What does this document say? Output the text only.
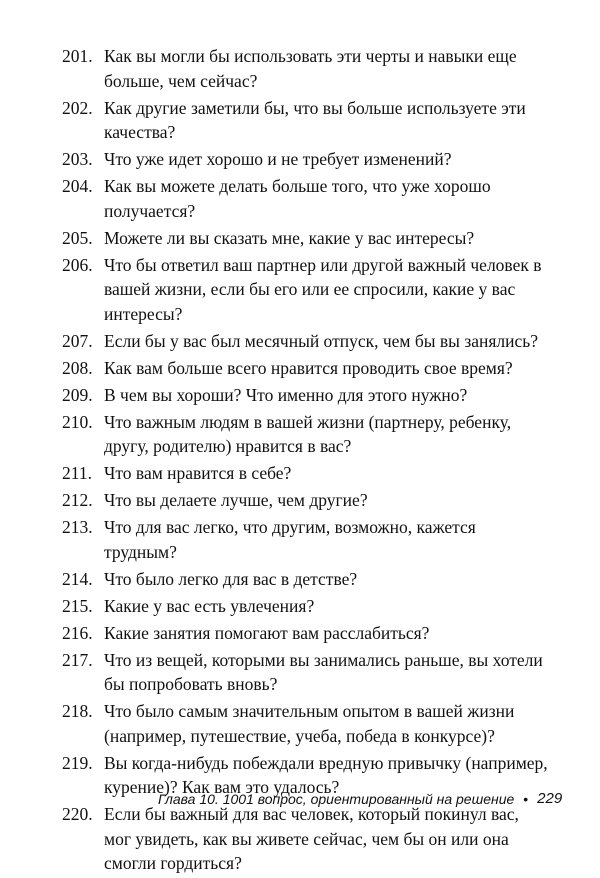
201. Как вы могли бы использовать эти черты и навыки еще больше, чем сейчас?
202. Как другие заметили бы, что вы больше используете эти качества?
203. Что уже идет хорошо и не требует изменений?
204. Как вы можете делать больше того, что уже хорошо получается?
205. Можете ли вы сказать мне, какие у вас интересы?
206. Что бы ответил ваш партнер или другой важный человек в вашей жизни, если бы его или ее спросили, какие у вас интересы?
207. Если бы у вас был месячный отпуск, чем бы вы занялись?
208. Как вам больше всего нравится проводить свое время?
209. В чем вы хороши? Что именно для этого нужно?
210. Что важным людям в вашей жизни (партнеру, ребенку, другу, родителю) нравится в вас?
211. Что вам нравится в себе?
212. Что вы делаете лучше, чем другие?
213. Что для вас легко, что другим, возможно, кажется трудным?
214. Что было легко для вас в детстве?
215. Какие у вас есть увлечения?
216. Какие занятия помогают вам расслабиться?
217. Что из вещей, которыми вы занимались раньше, вы хотели бы попробовать вновь?
218. Что было самым значительным опытом в вашей жизни (например, путешествие, учеба, победа в конкурсе)?
219. Вы когда-нибудь побеждали вредную привычку (например, курение)? Как вам это удалось?
220. Если бы важный для вас человек, который покинул вас, мог увидеть, как вы живете сейчас, чем бы он или она смогли гордиться?
Глава 10. 1001 вопрос, ориентированный на решение • 229
